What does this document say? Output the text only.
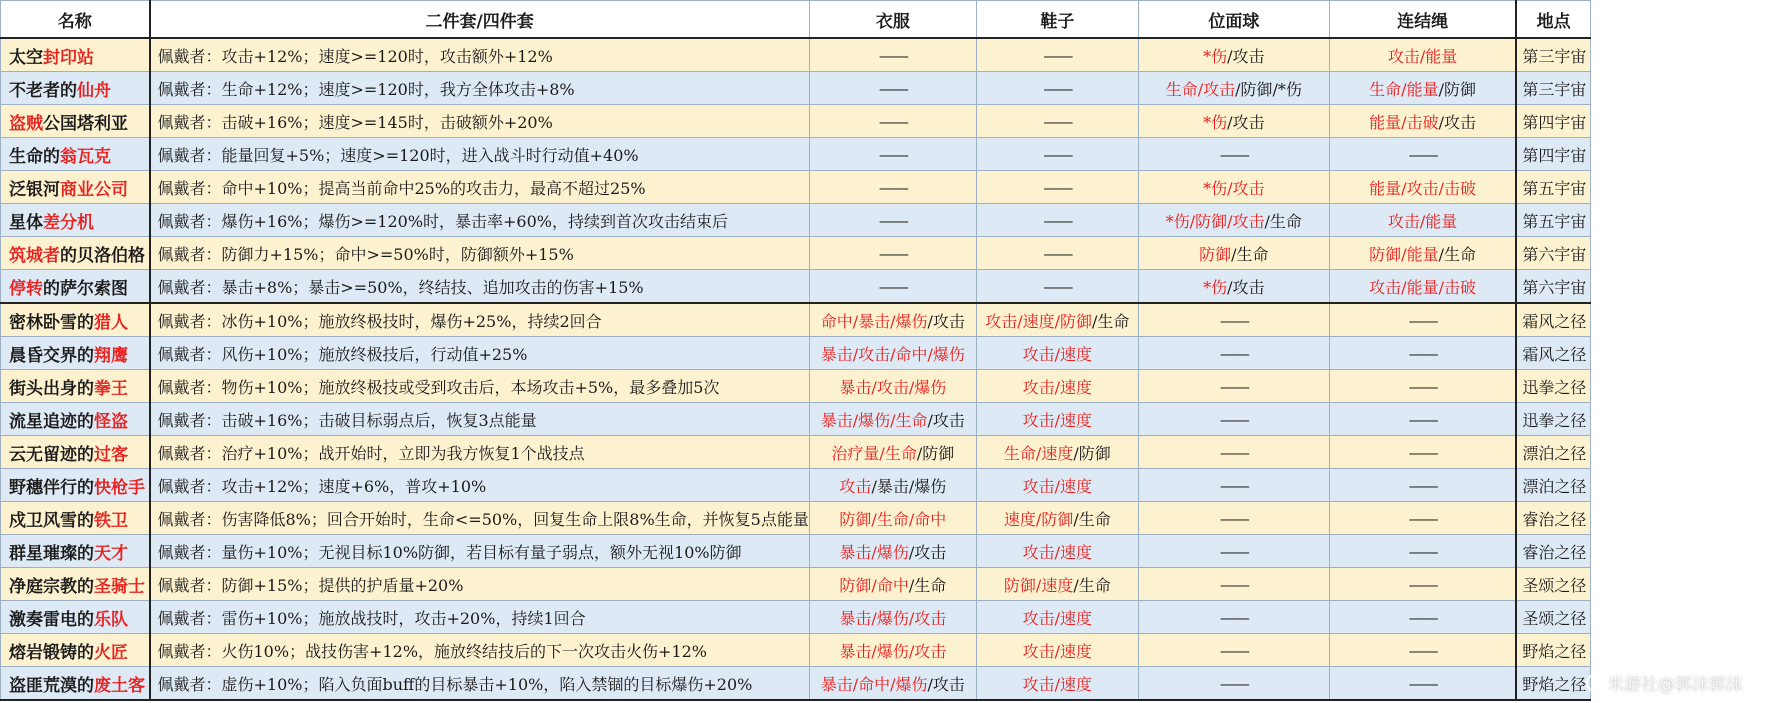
名称	二件套/四件套	衣服	鞋子	位面球	连结绳	地点
太空封印站	佩戴者：攻击+12%；速度>=120时，攻击额外+12%	——	——	*伤/攻击	攻击/能量	第三宇宙
不老者的仙舟	佩戴者：生命+12%；速度>=120时，我方全体攻击+8%	——	——	生命/攻击/防御/*伤	生命/能量/防御	第三宇宙
盗贼公国塔利亚	佩戴者：击破+16%；速度>=145时，击破额外+20%	——	——	*伤/攻击	能量/击破/攻击	第四宇宙
生命的翁瓦克	佩戴者：能量回复+5%；速度>=120时，进入战斗时行动值+40%	——	——	——	——	第四宇宙
泛银河商业公司	佩戴者：命中+10%；提高当前命中25%的攻击力，最高不超过25%	——	——	*伤/攻击	能量/攻击/击破	第五宇宙
星体差分机	佩戴者：爆伤+16%；爆伤>=120%时，暴击率+60%，持续到首次攻击结束后	——	——	*伤/防御/攻击/生命	攻击/能量	第五宇宙
筑城者的贝洛伯格	佩戴者：防御力+15%；命中>=50%时，防御额外+15%	——	——	防御/生命	防御/能量/生命	第六宇宙
停转的萨尔索图	佩戴者：暴击+8%；暴击>=50%，终结技、追加攻击的伤害+15%	——	——	*伤/攻击	攻击/能量/击破	第六宇宙
密林卧雪的猎人	佩戴者：冰伤+10%；施放终极技时，爆伤+25%，持续2回合	命中/暴击/爆伤/攻击	攻击/速度/防御/生命	——	——	霜风之径
晨昏交界的翔鹰	佩戴者：风伤+10%；施放终极技后，行动值+25%	暴击/攻击/命中/爆伤	攻击/速度	——	——	霜风之径
街头出身的拳王	佩戴者：物伤+10%；施放终极技或受到攻击后，本场攻击+5%，最多叠加5次	暴击/攻击/爆伤	攻击/速度	——	——	迅拳之径
流星追迹的怪盗	佩戴者：击破+16%；击破目标弱点后，恢复3点能量	暴击/爆伤/生命/攻击	攻击/速度	——	——	迅拳之径
云无留迹的过客	佩戴者：治疗+10%；战开始时，立即为我方恢复1个战技点	治疗量/生命/防御	生命/速度/防御	——	——	漂泊之径
野穗伴行的快枪手	佩戴者：攻击+12%；速度+6%，普攻+10%	攻击/暴击/爆伤	攻击/速度	——	——	漂泊之径
戍卫风雪的铁卫	佩戴者：伤害降低8%；回合开始时，生命<=50%，回复生命上限8%生命，并恢复5点能量	防御/生命/命中	速度/防御/生命	——	——	睿治之径
群星璀璨的天才	佩戴者：量伤+10%；无视目标10%防御，若目标有量子弱点，额外无视10%防御	暴击/爆伤/攻击	攻击/速度	——	——	睿治之径
净庭宗教的圣骑士	佩戴者：防御+15%；提供的护盾量+20%	防御/命中/生命	防御/速度/生命	——	——	圣颂之径
激奏雷电的乐队	佩戴者：雷伤+10%；施放战技时，攻击+20%，持续1回合	暴击/爆伤/攻击	攻击/速度	——	——	圣颂之径
熔岩锻铸的火匠	佩戴者：火伤10%；战技伤害+12%，施放终结技后的下一次攻击火伤+12%	暴击/爆伤/攻击	攻击/速度	——	——	野焰之径
盗匪荒漠的废土客	佩戴者：虚伤+10%；陷入负面buff的目标暴击+10%，陷入禁锢的目标爆伤+20%	暴击/命中/爆伤/攻击	攻击/速度	——	——	野焰之径	米游社@郭沫郭沫
